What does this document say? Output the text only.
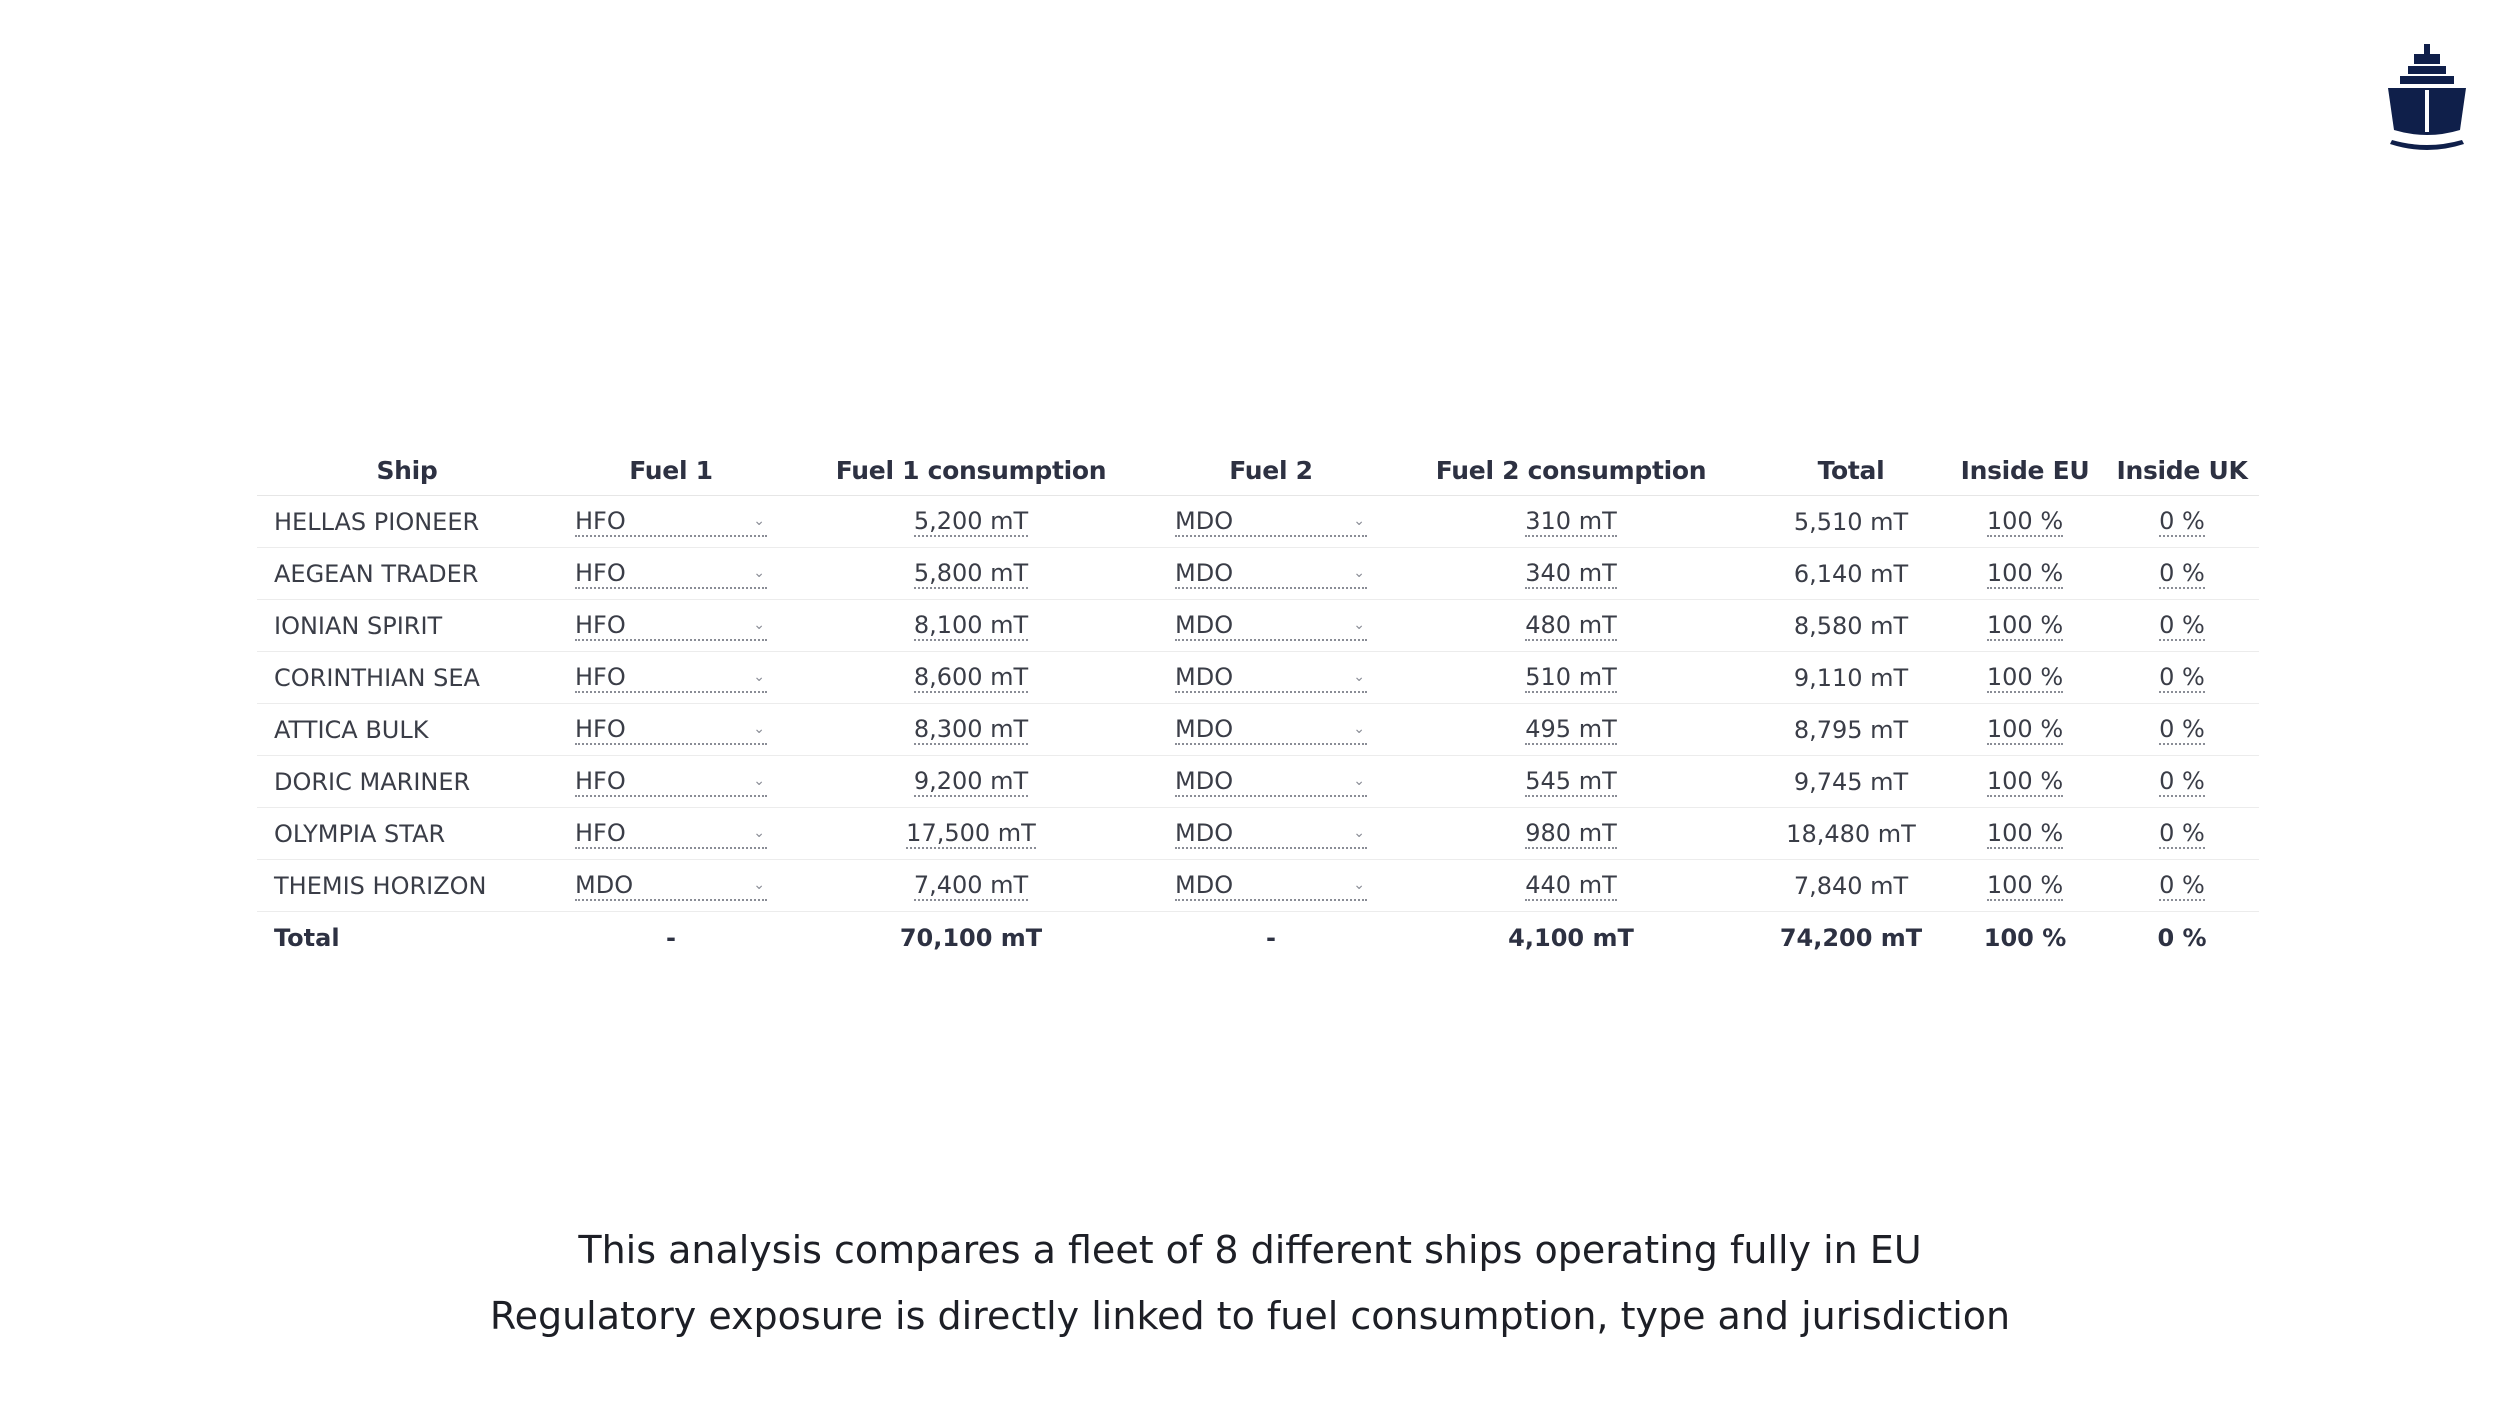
Ship	Fuel 1	Fuel 1 consumption	Fuel 2	Fuel 2 consumption	Total	Inside EU	Inside UK
HELLAS PIONEER	HFO ⌄	5,200 mT	MDO ⌄	310 mT	5,510 mT	100 %	0 %
AEGEAN TRADER	HFO ⌄	5,800 mT	MDO ⌄	340 mT	6,140 mT	100 %	0 %
IONIAN SPIRIT	HFO ⌄	8,100 mT	MDO ⌄	480 mT	8,580 mT	100 %	0 %
CORINTHIAN SEA	HFO ⌄	8,600 mT	MDO ⌄	510 mT	9,110 mT	100 %	0 %
ATTICA BULK	HFO ⌄	8,300 mT	MDO ⌄	495 mT	8,795 mT	100 %	0 %
DORIC MARINER	HFO ⌄	9,200 mT	MDO ⌄	545 mT	9,745 mT	100 %	0 %
OLYMPIA STAR	HFO ⌄	17,500 mT	MDO ⌄	980 mT	18,480 mT	100 %	0 %
THEMIS HORIZON	MDO ⌄	7,400 mT	MDO ⌄	440 mT	7,840 mT	100 %	0 %
Total	-	70,100 mT	-	4,100 mT	74,200 mT	100 %	0 %
This analysis compares a fleet of 8 different ships operating fully in EU
Regulatory exposure is directly linked to fuel consumption, type and jurisdiction
